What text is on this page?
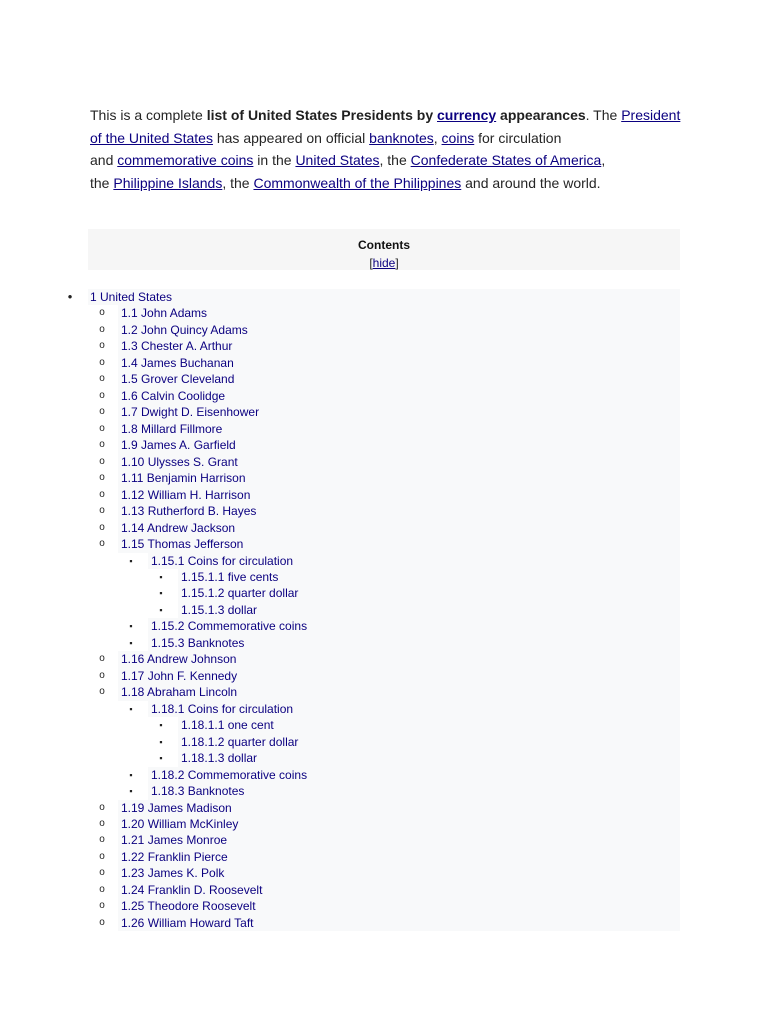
This is a complete list of United States Presidents by currency appearances. The President
of the United States has appeared on official banknotes, coins for circulation
and commemorative coins in the United States, the Confederate States of America,
the Philippine Islands, the Commonwealth of the Philippines and around the world.
Contents
[hide]
• 1 United States
o 1.1 John Adams
o 1.2 John Quincy Adams
o 1.3 Chester A. Arthur
o 1.4 James Buchanan
o 1.5 Grover Cleveland
o 1.6 Calvin Coolidge
o 1.7 Dwight D. Eisenhower
o 1.8 Millard Fillmore
o 1.9 James A. Garfield
o 1.10 Ulysses S. Grant
o 1.11 Benjamin Harrison
o 1.12 William H. Harrison
o 1.13 Rutherford B. Hayes
o 1.14 Andrew Jackson
o 1.15 Thomas Jefferson
▪ 1.15.1 Coins for circulation
▪ 1.15.1.1 five cents
▪ 1.15.1.2 quarter dollar
▪ 1.15.1.3 dollar
▪ 1.15.2 Commemorative coins
▪ 1.15.3 Banknotes
o 1.16 Andrew Johnson
o 1.17 John F. Kennedy
o 1.18 Abraham Lincoln
▪ 1.18.1 Coins for circulation
▪ 1.18.1.1 one cent
▪ 1.18.1.2 quarter dollar
▪ 1.18.1.3 dollar
▪ 1.18.2 Commemorative coins
▪ 1.18.3 Banknotes
o 1.19 James Madison
o 1.20 William McKinley
o 1.21 James Monroe
o 1.22 Franklin Pierce
o 1.23 James K. Polk
o 1.24 Franklin D. Roosevelt
o 1.25 Theodore Roosevelt
o 1.26 William Howard Taft
